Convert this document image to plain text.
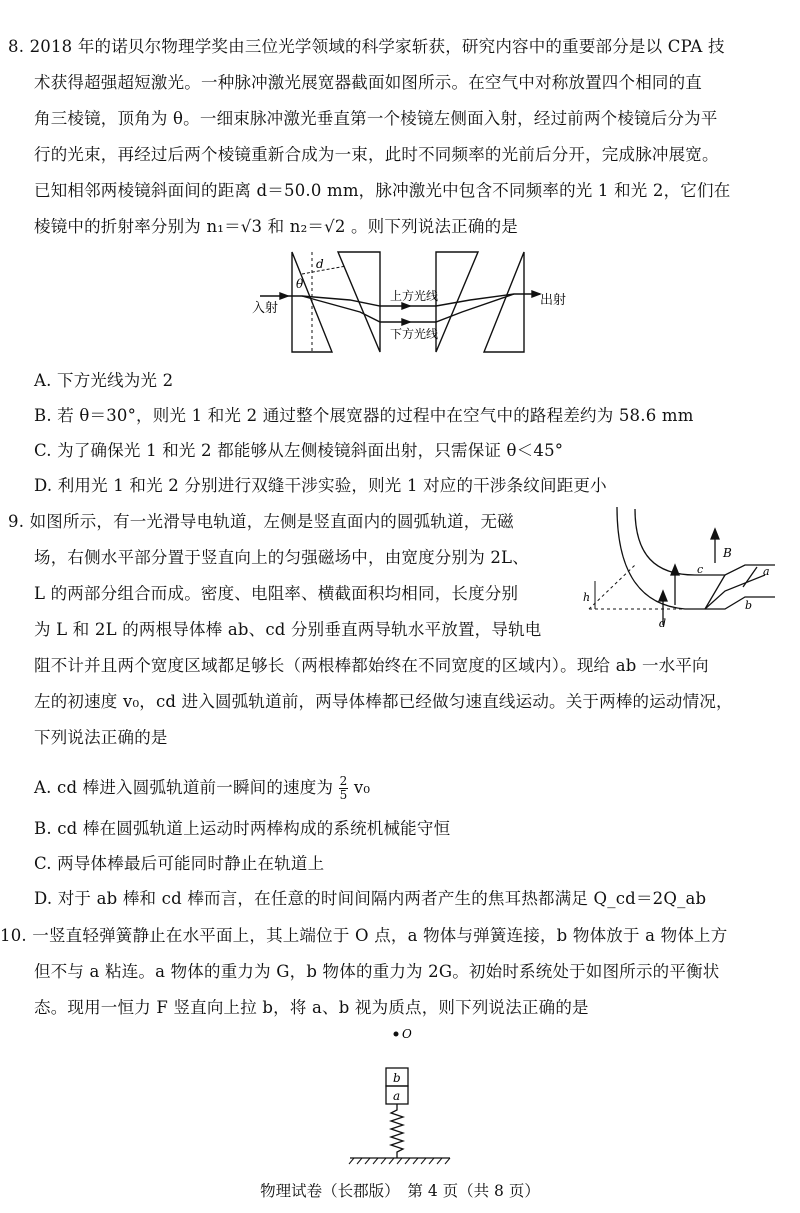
8. 2018 年的诺贝尔物理学奖由三位光学领域的科学家斩获，研究内容中的重要部分是以 CPA 技
术获得超强超短激光。一种脉冲激光展宽器截面如图所示。在空气中对称放置四个相同的直
角三棱镜，顶角为 θ。一细束脉冲激光垂直第一个棱镜左侧面入射，经过前两个棱镜后分为平
行的光束，再经过后两个棱镜重新合成为一束，此时不同频率的光前后分开，完成脉冲展宽。
已知相邻两棱镜斜面间的距离 d＝50.0 mm，脉冲激光中包含不同频率的光 1 和光 2，它们在
棱镜中的折射率分别为 n₁＝√3 和 n₂＝√2 。则下列说法正确的是
入射
出射
上方光线
下方光线
θ
d
A. 下方光线为光 2
B. 若 θ＝30°，则光 1 和光 2 通过整个展宽器的过程中在空气中的路程差约为 58.6 mm
C. 为了确保光 1 和光 2 都能够从左侧棱镜斜面出射，只需保证 θ＜45°
D. 利用光 1 和光 2 分别进行双缝干涉实验，则光 1 对应的干涉条纹间距更小
9. 如图所示，有一光滑导电轨道，左侧是竖直面内的圆弧轨道，无磁
场，右侧水平部分置于竖直向上的匀强磁场中，由宽度分别为 2L、
L 的两部分组合而成。密度、电阻率、横截面积均相同，长度分别
为 L 和 2L 的两根导体棒 ab、cd 分别垂直两导轨水平放置，导轨电
阻不计并且两个宽度区域都足够长（两根棒都始终在不同宽度的区域内）。现给 ab 一水平向
左的初速度 v₀，cd 进入圆弧轨道前，两导体棒都已经做匀速直线运动。关于两棒的运动情况，
下列说法正确的是
B
h
a
b
c
d
A. cd 棒进入圆弧轨道前一瞬间的速度为 $\frac{2}{5} v_0$
B. cd 棒在圆弧轨道上运动时两棒构成的系统机械能守恒
C. 两导体棒最后可能同时静止在轨道上
D. 对于 ab 棒和 cd 棒而言，在任意的时间间隔内两者产生的焦耳热都满足 Q_cd＝2Q_ab
10. 一竖直轻弹簧静止在水平面上，其上端位于 O 点，a 物体与弹簧连接，b 物体放于 a 物体上方
但不与 a 粘连。a 物体的重力为 G，b 物体的重力为 2G。初始时系统处于如图所示的平衡状
态。现用一恒力 F 竖直向上拉 b，将 a、b 视为质点，则下列说法正确的是
O
b
a
物理试卷（长郡版）　第 4 页（共 8 页）
